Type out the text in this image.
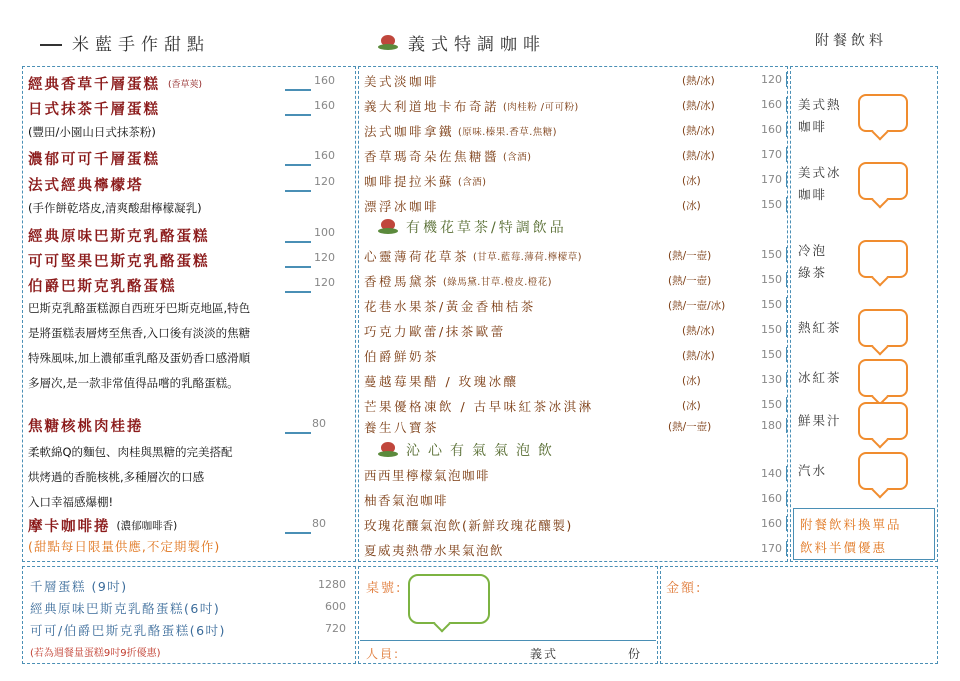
米藍手作甜點	義式特調咖啡	附餐飲料
經典香草千層蛋糕 (香草莢)	160
日式抹茶千層蛋糕	160
(豐田/小園山日式抹茶粉)
濃郁可可千層蛋糕	160
法式經典檸檬塔	120
(手作餅乾塔皮,清爽酸甜檸檬凝乳)
經典原味巴斯克乳酪蛋糕	100
可可堅果巴斯克乳酪蛋糕	120
伯爵巴斯克乳酪蛋糕	120
巴斯克乳酪蛋糕源自西班牙巴斯克地區,特色
是將蛋糕表層烤至焦香,入口後有淡淡的焦糖
特殊風味,加上濃郁重乳酪及蛋奶香口感滑順
多層次,是一款非常值得品嚐的乳酪蛋糕。
焦糖核桃肉桂捲	80
柔軟綿Q的麵包、肉桂與黑糖的完美搭配
烘烤過的香脆核桃,多種層次的口感
入口幸福感爆棚!
摩卡咖啡捲 (濃郁咖啡香)	80
(甜點每日限量供應,不定期製作)
美式淡咖啡	(熱/冰)	120
義大利道地卡布奇諾 (肉桂粉 /可可粉)	(熱/冰)	160
法式咖啡拿鐵 (原味.榛果.香草.焦糖)	(熱/冰)	160
香草瑪奇朵佐焦糖醬 (含酒)	(熱/冰)	170
咖啡提拉米蘇 (含酒)	(冰)	170
漂浮冰咖啡	(冰)	150
有機花草茶/特調飲品
心靈薄荷花草茶 (甘草.藍莓.薄荷.檸檬草)	(熱/一壺)	150
香橙馬黛茶 (綠馬黛.甘草.橙皮.橙花)	(熱/一壺)	150
花巷水果茶/黃金香柚桔茶	(熱/一壺/冰)	150
巧克力歐蕾/抹茶歐蕾	(熱/冰)	150
伯爵鮮奶茶	(熱/冰)	150
蔓越莓果醋 / 玫瑰冰釀	(冰)	130
芒果優格凍飲 / 古早味紅茶冰淇淋	(冰)	150
養生八寶茶	(熱/一壺)	180
沁心有氣氣泡飲
西西里檸檬氣泡咖啡	140
柚香氣泡咖啡	160
玫瑰花釀氣泡飲(新鮮玫瑰花釀製)	160
夏威夷熱帶水果氣泡飲	170
美式熱
咖啡
美式冰
咖啡
冷泡
綠茶
熱紅茶
冰紅茶
鮮果汁
汽水
附餐飲料換單品
飲料半價優惠
千層蛋糕 (9吋)	1280
經典原味巴斯克乳酪蛋糕(6吋)	600
可可/伯爵巴斯克乳酪蛋糕(6吋)	720
(若為週餐量蛋糕9吋9折優惠)
桌號:	金額:
人員:	義式	份
